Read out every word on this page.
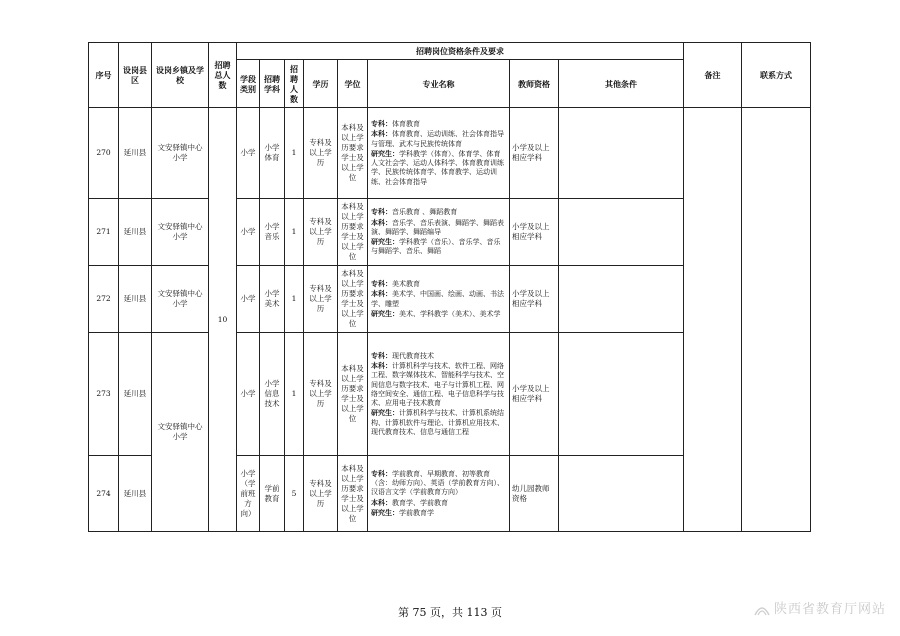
序号	设岗县区	设岗乡镇及学校	招聘总人数	招聘岗位资格条件及要求								备注	联系方式
				学段类别	招聘学科	招聘人数	学历	学位	专业名称	教师资格	其他条件		
270	延川县	文安驿镇中心小学	10	小学	小学体育	1	专科及以上学历	本科及以上学历要求学士及以上学位	专科：体育教育
本科：体育教育、运动训练、社会体育指导与管理、武术与民族传统体育
研究生：学科教学（体育）、体育学、体育人文社会学、运动人体科学、体育教育训练学、民族传统体育学、体育教学、运动训练、社会体育指导	小学及以上相应学科			
271	延川县	文安驿镇中心小学		小学	小学音乐	1	专科及以上学历	本科及以上学历要求学士及以上学位	专科：音乐教育 、舞蹈教育
本科：音乐学、音乐表演、舞蹈学、舞蹈表演、舞蹈学、舞蹈编导
研究生：学科教学（音乐）、音乐学、音乐与舞蹈学、音乐、舞蹈	小学及以上相应学科			
272	延川县	文安驿镇中心小学		小学	小学美术	1	专科及以上学历	本科及以上学历要求学士及以上学位	专科：美术教育
本科：美术学、中国画、绘画、动画、书法学、雕塑
研究生：美术、学科教学（美术）、美术学	小学及以上相应学科			
273	延川县	文安驿镇中心小学		小学	小学信息技术	1	专科及以上学历	本科及以上学历要求学士及以上学位	专科：现代教育技术
本科：计算机科学与技术、软件工程、网络工程、数字媒体技术、智能科学与技术、空间信息与数字技术、电子与计算机工程、网络空间安全、通信工程、电子信息科学与技术、应用电子技术教育
研究生：计算机科学与技术、计算机系统结构、计算机软件与理论、计算机应用技术、现代教育技术、信息与通信工程	小学及以上相应学科			
274	延川县			小学（学前班方向）	学前教育	5	专科及以上学历	本科及以上学历要求学士及以上学位	专科：学前教育、早期教育、初等教育（含：幼师方向）、英语（学前教育方向）、汉语言文学（学前教育方向）
本科：教育学、学前教育
研究生：学前教育学	幼儿园教师资格			
第 75 页，共 113 页	陕西省教育厅网站
